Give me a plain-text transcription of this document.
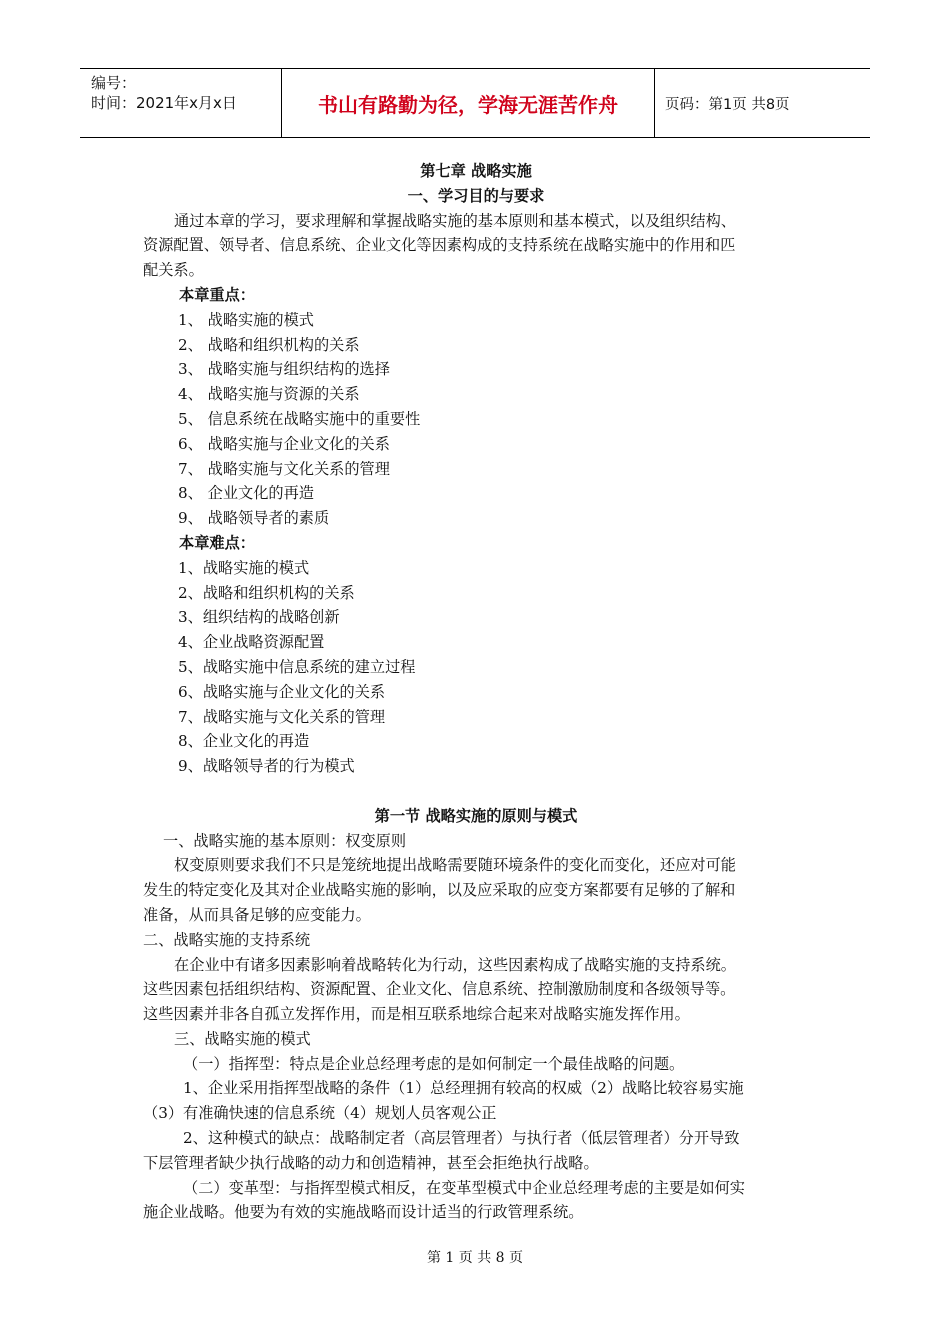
编号：
时间：2021年x月x日	书山有路勤为径，学海无涯苦作舟	页码：第1页 共8页
第七章 战略实施
一、学习目的与要求
通过本章的学习，要求理解和掌握战略实施的基本原则和基本模式，以及组织结构、
资源配置、领导者、信息系统、企业文化等因素构成的支持系统在战略实施中的作用和匹
配关系。
本章重点：
1、 战略实施的模式
2、 战略和组织机构的关系
3、 战略实施与组织结构的选择
4、 战略实施与资源的关系
5、 信息系统在战略实施中的重要性
6、 战略实施与企业文化的关系
7、 战略实施与文化关系的管理
8、 企业文化的再造
9、 战略领导者的素质
本章难点：
1、战略实施的模式
2、战略和组织机构的关系
3、组织结构的战略创新
4、企业战略资源配置
5、战略实施中信息系统的建立过程
6、战略实施与企业文化的关系
7、战略实施与文化关系的管理
8、企业文化的再造
9、战略领导者的行为模式
第一节 战略实施的原则与模式
一、战略实施的基本原则：权变原则
权变原则要求我们不只是笼统地提出战略需要随环境条件的变化而变化，还应对可能
发生的特定变化及其对企业战略实施的影响，以及应采取的应变方案都要有足够的了解和
准备，从而具备足够的应变能力。
二、战略实施的支持系统
在企业中有诸多因素影响着战略转化为行动，这些因素构成了战略实施的支持系统。
这些因素包括组织结构、资源配置、企业文化、信息系统、控制激励制度和各级领导等。
这些因素并非各自孤立发挥作用，而是相互联系地综合起来对战略实施发挥作用。
三、战略实施的模式
（一）指挥型：特点是企业总经理考虑的是如何制定一个最佳战略的问题。
1、企业采用指挥型战略的条件（1）总经理拥有较高的权威（2）战略比较容易实施
（3）有准确快速的信息系统（4）规划人员客观公正
2、这种模式的缺点：战略制定者（高层管理者）与执行者（低层管理者）分开导致
下层管理者缺少执行战略的动力和创造精神，甚至会拒绝执行战略。
（二）变革型：与指挥型模式相反，在变革型模式中企业总经理考虑的主要是如何实
施企业战略。他要为有效的实施战略而设计适当的行政管理系统。
第 1 页 共 8 页
